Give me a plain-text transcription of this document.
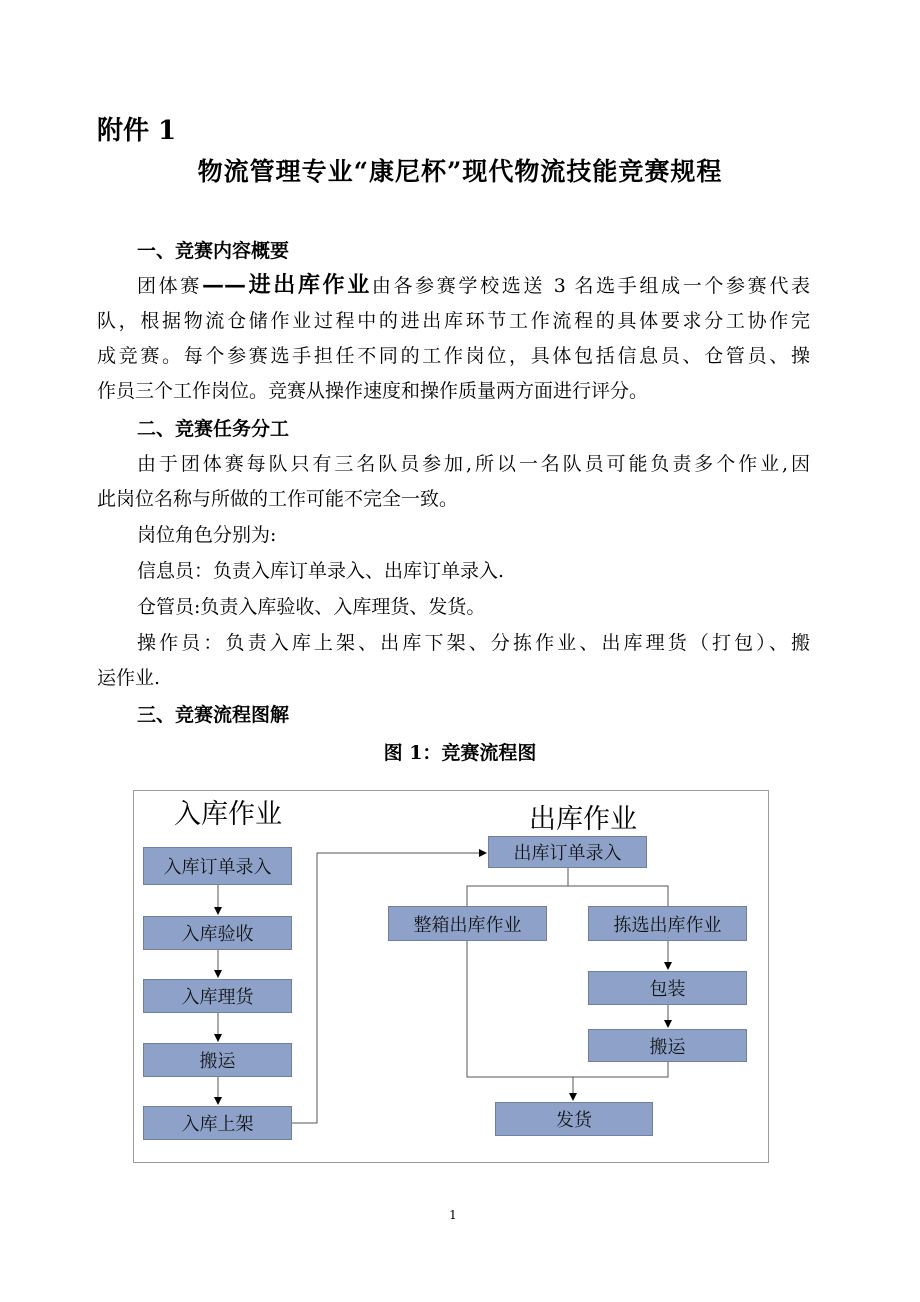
附件 1
物流管理专业“康尼杯”现代物流技能竞赛规程
一、竞赛内容概要
团体赛——进出库作业由各参赛学校选送 3 名选手组成一个参赛代表
队，根据物流仓储作业过程中的进出库环节工作流程的具体要求分工协作完
成竞赛。每个参赛选手担任不同的工作岗位，具体包括信息员、仓管员、操
作员三个工作岗位。竞赛从操作速度和操作质量两方面进行评分。
二、竞赛任务分工
由于团体赛每队只有三名队员参加,所以一名队员可能负责多个作业,因
此岗位名称与所做的工作可能不完全一致。
岗位角色分别为:
信息员：负责入库订单录入、出库订单录入.
仓管员:负责入库验收、入库理货、发货。
操作员：负责入库上架、出库下架、分拣作业、出库理货（打包）、搬
运作业.
三、竞赛流程图解
图 1：竞赛流程图
入库作业	出库作业
入库订单录入
入库验收
入库理货
搬运
入库上架
出库订单录入
整箱出库作业	拣选出库作业
包装
搬运
发货
1
